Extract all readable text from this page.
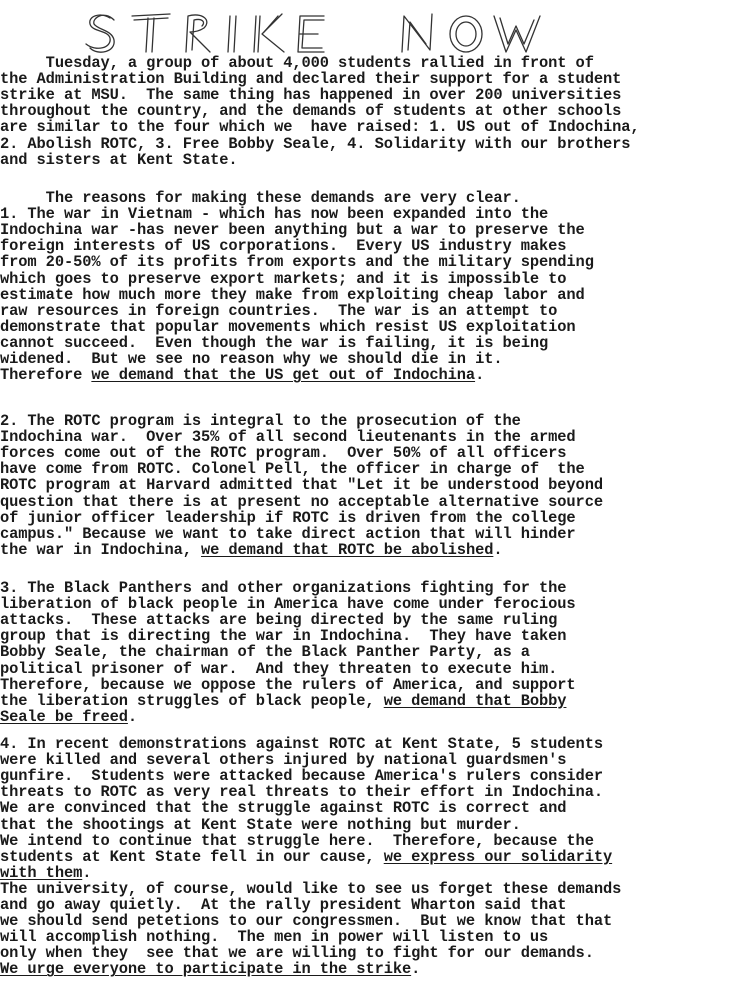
Tuesday, a group of about 4,000 students rallied in front of
the Administration Building and declared their support for a student
strike at MSU.  The same thing has happened in over 200 universities
throughout the country, and the demands of students at other schools
are similar to the four which we  have raised: 1. US out of Indochina,
2. Abolish ROTC, 3. Free Bobby Seale, 4. Solidarity with our brothers
and sisters at Kent State.
The reasons for making these demands are very clear.
1. The war in Vietnam - which has now been expanded into the
Indochina war -has never been anything but a war to preserve the
foreign interests of US corporations.  Every US industry makes
from 20-50% of its profits from exports and the military spending
which goes to preserve export markets; and it is impossible to
estimate how much more they make from exploiting cheap labor and
raw resources in foreign countries.  The war is an attempt to
demonstrate that popular movements which resist US exploitation
cannot succeed.  Even though the war is failing, it is being
widened.  But we see no reason why we should die in it.
Therefore we demand that the US get out of Indochina.
2. The ROTC program is integral to the prosecution of the
Indochina war.  Over 35% of all second lieutenants in the armed
forces come out of the ROTC program.  Over 50% of all officers
have come from ROTC. Colonel Pell, the officer in charge of  the
ROTC program at Harvard admitted that "Let it be understood beyond
question that there is at present no acceptable alternative source
of junior officer leadership if ROTC is driven from the college
campus." Because we want to take direct action that will hinder
the war in Indochina, we demand that ROTC be abolished.
3. The Black Panthers and other organizations fighting for the
liberation of black people in America have come under ferocious
attacks.  These attacks are being directed by the same ruling
group that is directing the war in Indochina.  They have taken
Bobby Seale, the chairman of the Black Panther Party, as a
political prisoner of war.  And they threaten to execute him.
Therefore, because we oppose the rulers of America, and support
the liberation struggles of black people, we demand that Bobby
Seale be freed.
4. In recent demonstrations against ROTC at Kent State, 5 students
were killed and several others injured by national guardsmen's
gunfire.  Students were attacked because America's rulers consider
threats to ROTC as very real threats to their effort in Indochina.
We are convinced that the struggle against ROTC is correct and
that the shootings at Kent State were nothing but murder.
We intend to continue that struggle here.  Therefore, because the
students at Kent State fell in our cause, we express our solidarity
with them.
The university, of course, would like to see us forget these demands
and go away quietly.  At the rally president Wharton said that
we should send petetions to our congressmen.  But we know that that
will accomplish nothing.  The men in power will listen to us
only when they  see that we are willing to fight for our demands.
We urge everyone to participate in the strike.
